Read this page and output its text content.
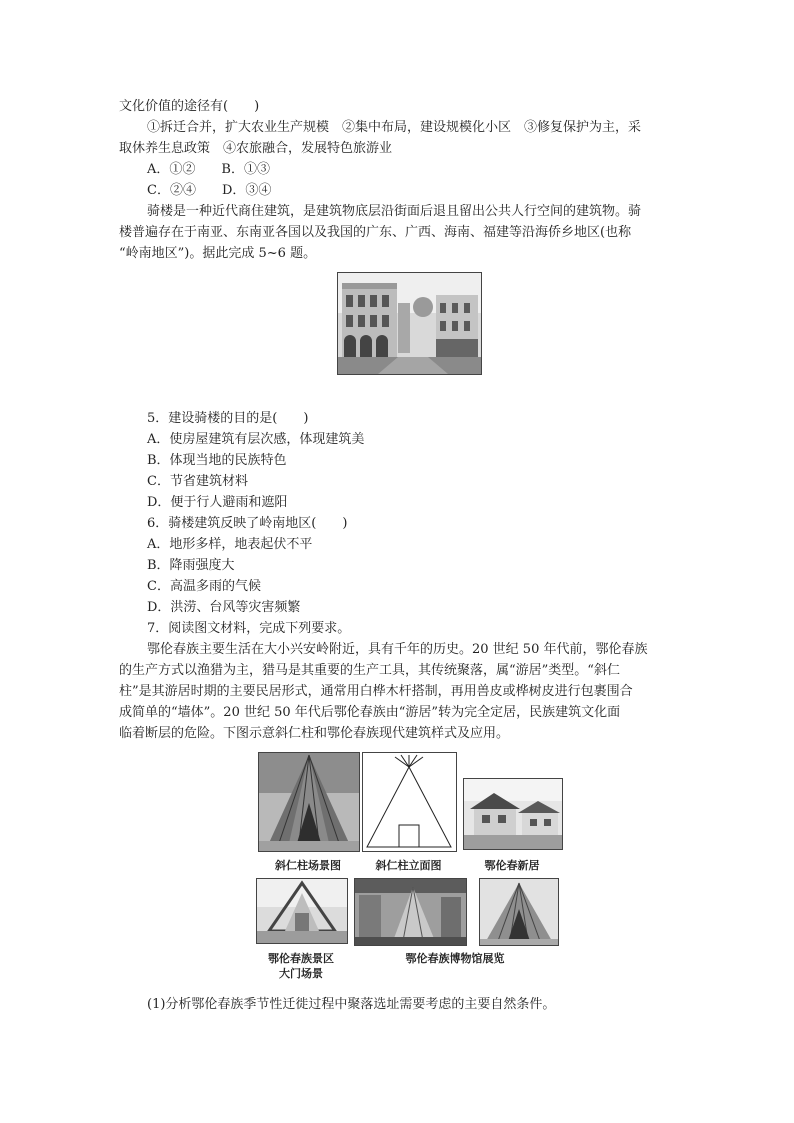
文化价值的途径有(　　)
①拆迁合并，扩大农业生产规模　②集中布局，建设规模化小区　③修复保护为主，采
取休养生息政策　④农旅融合，发展特色旅游业
A．①②　　B．①③
C．②④　　D．③④
骑楼是一种近代商住建筑，是建筑物底层沿街面后退且留出公共人行空间的建筑物。骑
楼普遍存在于南亚、东南亚各国以及我国的广东、广西、海南、福建等沿海侨乡地区(也称
“岭南地区”)。据此完成 5~6 题。
5．建设骑楼的目的是(　　)
A．使房屋建筑有层次感，体现建筑美
B．体现当地的民族特色
C．节省建筑材料
D．便于行人避雨和遮阳
6．骑楼建筑反映了岭南地区(　　)
A．地形多样，地表起伏不平
B．降雨强度大
C．高温多雨的气候
D．洪涝、台风等灾害频繁
7．阅读图文材料，完成下列要求。
鄂伦春族主要生活在大小兴安岭附近，具有千年的历史。20 世纪 50 年代前，鄂伦春族
的生产方式以渔猎为主，猎马是其重要的生产工具，其传统聚落，属“游居”类型。“斜仁
柱”是其游居时期的主要民居形式，通常用白桦木杆搭制，再用兽皮或桦树皮进行包裹围合
成简单的“墙体”。20 世纪 50 年代后鄂伦春族由“游居”转为完全定居，民族建筑文化面
临着断层的危险。下图示意斜仁柱和鄂伦春族现代建筑样式及应用。
斜仁柱场景图	斜仁柱立面图	鄂伦春新居
鄂伦春族景区
大门场景
鄂伦春族博物馆展览
(1)分析鄂伦春族季节性迁徙过程中聚落选址需要考虑的主要自然条件。
